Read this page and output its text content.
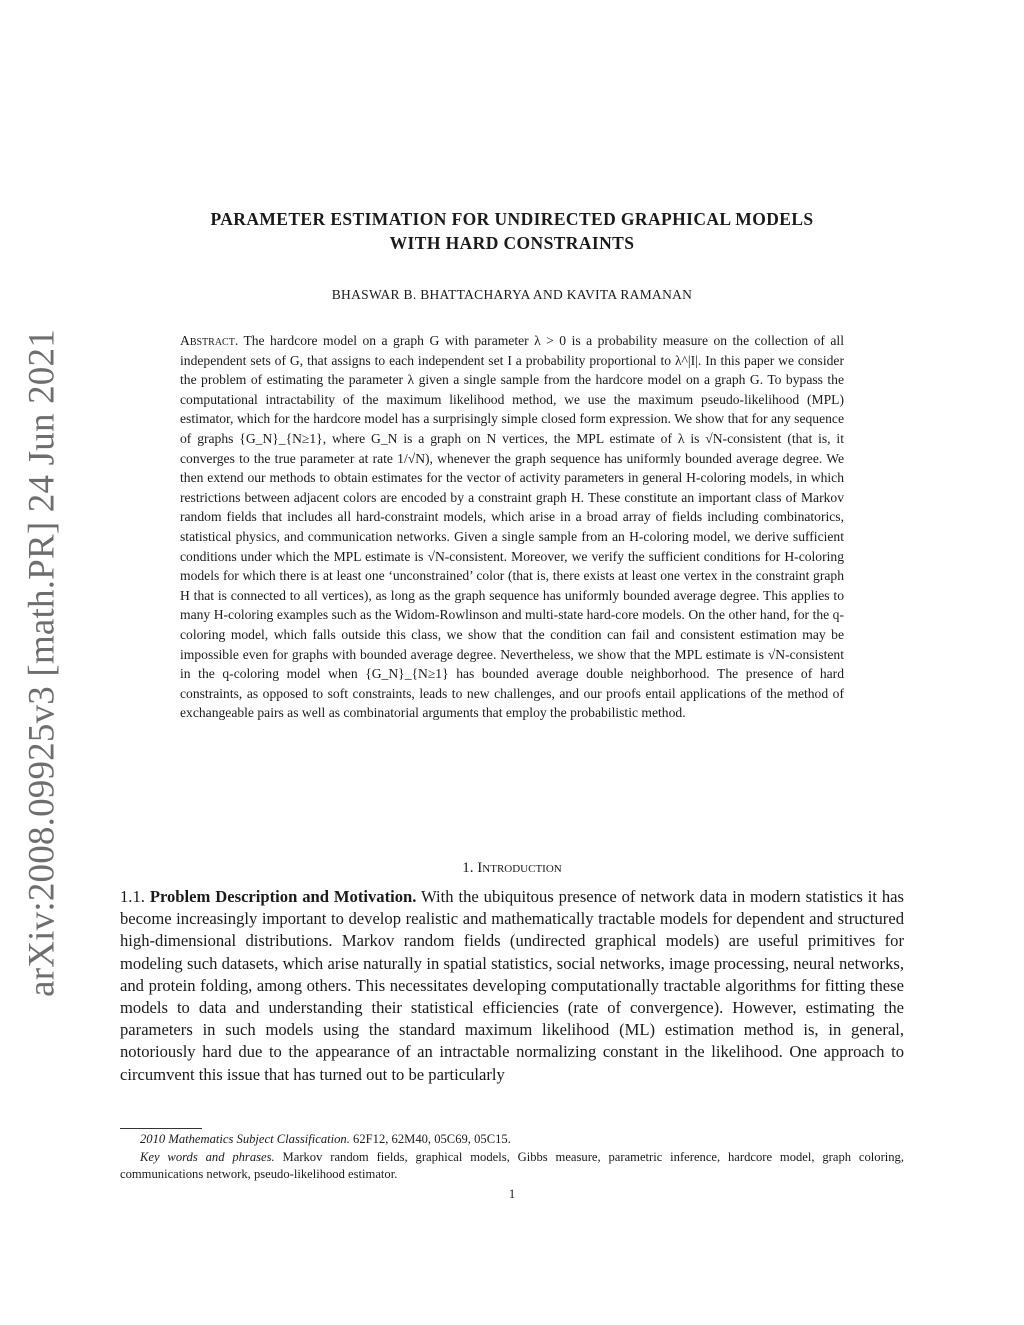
arXiv:2008.09925v3 [math.PR] 24 Jun 2021
PARAMETER ESTIMATION FOR UNDIRECTED GRAPHICAL MODELS
WITH HARD CONSTRAINTS
BHASWAR B. BHATTACHARYA AND KAVITA RAMANAN
Abstract. The hardcore model on a graph G with parameter λ > 0 is a probability measure on the collection of all independent sets of G, that assigns to each independent set I a probability proportional to λ^|I|. In this paper we consider the problem of estimating the parameter λ given a single sample from the hardcore model on a graph G. To bypass the computational intractability of the maximum likelihood method, we use the maximum pseudo-likelihood (MPL) estimator, which for the hardcore model has a surprisingly simple closed form expression. We show that for any sequence of graphs {G_N}_{N≥1}, where G_N is a graph on N vertices, the MPL estimate of λ is √N-consistent (that is, it converges to the true parameter at rate 1/√N), whenever the graph sequence has uniformly bounded average degree. We then extend our methods to obtain estimates for the vector of activity parameters in general H-coloring models, in which restrictions between adjacent colors are encoded by a constraint graph H. These constitute an important class of Markov random fields that includes all hard-constraint models, which arise in a broad array of fields including combinatorics, statistical physics, and communication networks. Given a single sample from an H-coloring model, we derive sufficient conditions under which the MPL estimate is √N-consistent. Moreover, we verify the sufficient conditions for H-coloring models for which there is at least one ‘unconstrained’ color (that is, there exists at least one vertex in the constraint graph H that is connected to all vertices), as long as the graph sequence has uniformly bounded average degree. This applies to many H-coloring examples such as the Widom-Rowlinson and multi-state hard-core models. On the other hand, for the q-coloring model, which falls outside this class, we show that the condition can fail and consistent estimation may be impossible even for graphs with bounded average degree. Nevertheless, we show that the MPL estimate is √N-consistent in the q-coloring model when {G_N}_{N≥1} has bounded average double neighborhood. The presence of hard constraints, as opposed to soft constraints, leads to new challenges, and our proofs entail applications of the method of exchangeable pairs as well as combinatorial arguments that employ the probabilistic method.
1. Introduction
1.1. Problem Description and Motivation. With the ubiquitous presence of network data in modern statistics it has become increasingly important to develop realistic and mathematically tractable models for dependent and structured high-dimensional distributions. Markov random fields (undirected graphical models) are useful primitives for modeling such datasets, which arise naturally in spatial statistics, social networks, image processing, neural networks, and protein folding, among others. This necessitates developing computationally tractable algorithms for fitting these models to data and understanding their statistical efficiencies (rate of convergence). However, estimating the parameters in such models using the standard maximum likelihood (ML) estimation method is, in general, notoriously hard due to the appearance of an intractable normalizing constant in the likelihood. One approach to circumvent this issue that has turned out to be particularly

2010 Mathematics Subject Classification. 62F12, 62M40, 05C69, 05C15.

Key words and phrases. Markov random fields, graphical models, Gibbs measure, parametric inference, hardcore model, graph coloring, communications network, pseudo-likelihood estimator.

1
